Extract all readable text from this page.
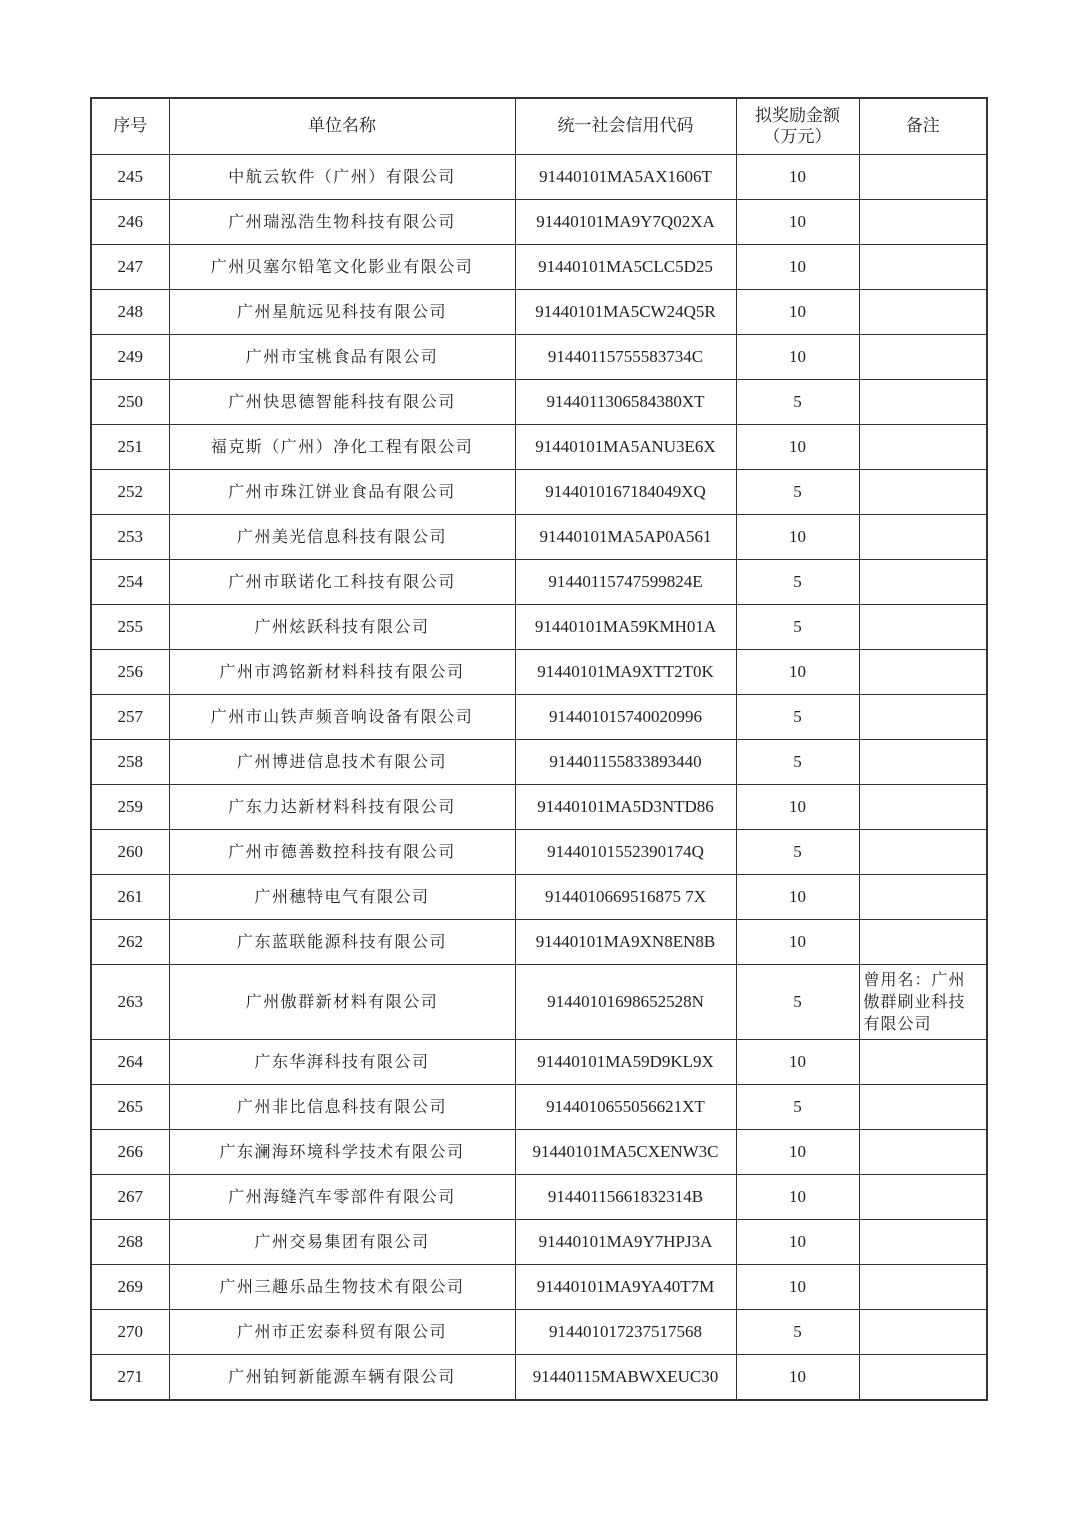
序号	单位名称	统一社会信用代码	拟奖励金额（万元）	备注
245	中航云软件（广州）有限公司	91440101MA5AX1606T	10	
246	广州瑞泓浩生物科技有限公司	91440101MA9Y7Q02XA	10	
247	广州贝塞尔铅笔文化影业有限公司	91440101MA5CLC5D25	10	
248	广州星航远见科技有限公司	91440101MA5CW24Q5R	10	
249	广州市宝桃食品有限公司	91440115755583734C	10	
250	广州快思德智能科技有限公司	9144011306584380XT	5	
251	福克斯（广州）净化工程有限公司	91440101MA5ANU3E6X	10	
252	广州市珠江饼业食品有限公司	9144010167184049XQ	5	
253	广州美光信息科技有限公司	91440101MA5AP0A561	10	
254	广州市联诺化工科技有限公司	91440115747599824E	5	
255	广州炫跃科技有限公司	91440101MA59KMH01A	5	
256	广州市鸿铭新材料科技有限公司	91440101MA9XTT2T0K	10	
257	广州市山铁声频音响设备有限公司	914401015740020996	5	
258	广州博进信息技术有限公司	914401155833893440	5	
259	广东力达新材料科技有限公司	91440101MA5D3NTD86	10	
260	广州市德善数控科技有限公司	91440101552390174Q	5	
261	广州穗特电气有限公司	9144010669516875 7X	10	
262	广东蓝联能源科技有限公司	91440101MA9XN8EN8B	10	
263	广州傲群新材料有限公司	91440101698652528N	5	曾用名：广州傲群刷业科技有限公司
264	广东华湃科技有限公司	91440101MA59D9KL9X	10	
265	广州非比信息科技有限公司	9144010655056621XT	5	
266	广东澜海环境科学技术有限公司	91440101MA5CXENW3C	10	
267	广州海缝汽车零部件有限公司	91440115661832314B	10	
268	广州交易集团有限公司	91440101MA9Y7HPJ3A	10	
269	广州三趣乐品生物技术有限公司	91440101MA9YA40T7M	10	
270	广州市正宏泰科贸有限公司	914401017237517568	5	
271	广州铂钶新能源车辆有限公司	91440115MABWXEUC30	10	
